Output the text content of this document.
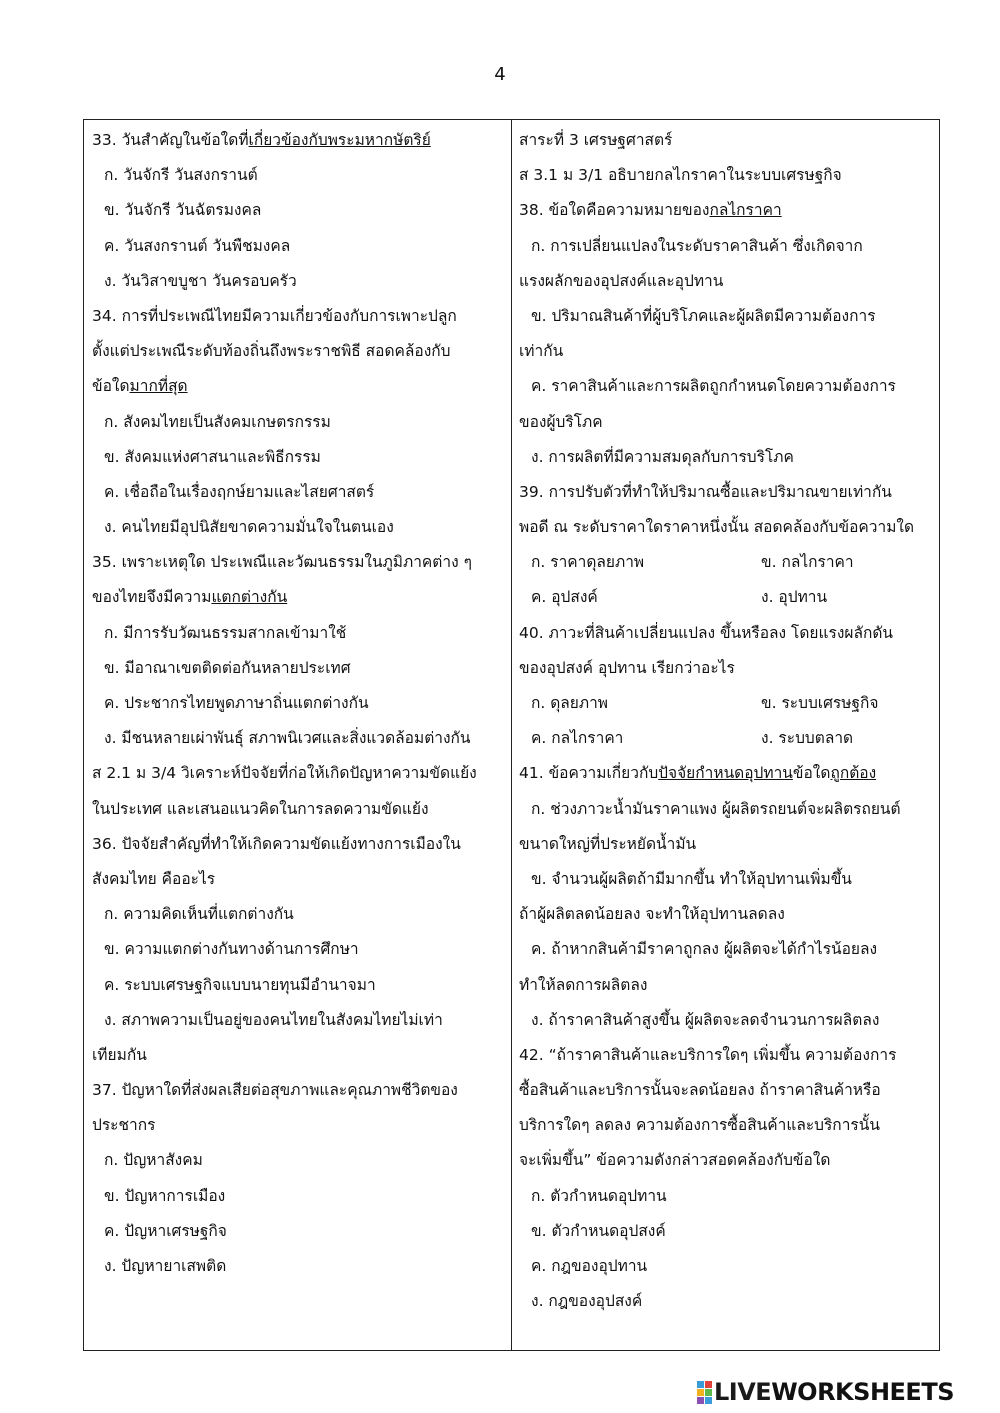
4
33. วันสำคัญในข้อใดที่เกี่ยวข้องกับพระมหากษัตริย์
ก. วันจักรี วันสงกรานต์
ข. วันจักรี วันฉัตรมงคล
ค. วันสงกรานต์ วันพืชมงคล
ง. วันวิสาขบูชา วันครอบครัว
34. การที่ประเพณีไทยมีความเกี่ยวข้องกับการเพาะปลูก
ตั้งแต่ประเพณีระดับท้องถิ่นถึงพระราชพิธี สอดคล้องกับ
ข้อใดมากที่สุด
ก. สังคมไทยเป็นสังคมเกษตรกรรม
ข. สังคมแห่งศาสนาและพิธีกรรม
ค. เชื่อถือในเรื่องฤกษ์ยามและไสยศาสตร์
ง. คนไทยมีอุปนิสัยขาดความมั่นใจในตนเอง
35. เพราะเหตุใด ประเพณีและวัฒนธรรมในภูมิภาคต่าง ๆ
ของไทยจึงมีความแตกต่างกัน
ก. มีการรับวัฒนธรรมสากลเข้ามาใช้
ข. มีอาณาเขตติดต่อกันหลายประเทศ
ค. ประชากรไทยพูดภาษาถิ่นแตกต่างกัน
ง. มีชนหลายเผ่าพันธุ์ สภาพนิเวศและสิ่งแวดล้อมต่างกัน
ส 2.1 ม 3/4 วิเคราะห์ปัจจัยที่ก่อให้เกิดปัญหาความขัดแย้ง
ในประเทศ และเสนอแนวคิดในการลดความขัดแย้ง
36. ปัจจัยสำคัญที่ทำให้เกิดความขัดแย้งทางการเมืองใน
สังคมไทย คืออะไร
ก. ความคิดเห็นที่แตกต่างกัน
ข. ความแตกต่างกันทางด้านการศึกษา
ค. ระบบเศรษฐกิจแบบนายทุนมีอำนาจมา
ง. สภาพความเป็นอยู่ของคนไทยในสังคมไทยไม่เท่า
เทียมกัน
37. ปัญหาใดที่ส่งผลเสียต่อสุขภาพและคุณภาพชีวิตของ
ประชากร
ก. ปัญหาสังคม
ข. ปัญหาการเมือง
ค. ปัญหาเศรษฐกิจ
ง. ปัญหายาเสพติด
สาระที่ 3 เศรษฐศาสตร์
ส 3.1 ม 3/1 อธิบายกลไกราคาในระบบเศรษฐกิจ
38. ข้อใดคือความหมายของกลไกราคา
ก. การเปลี่ยนแปลงในระดับราคาสินค้า ซึ่งเกิดจาก
แรงผลักของอุปสงค์และอุปทาน
ข. ปริมาณสินค้าที่ผู้บริโภคและผู้ผลิตมีความต้องการ
เท่ากัน
ค. ราคาสินค้าและการผลิตถูกกำหนดโดยความต้องการ
ของผู้บริโภค
ง. การผลิตที่มีความสมดุลกับการบริโภค
39. การปรับตัวที่ทำให้ปริมาณซื้อและปริมาณขายเท่ากัน
พอดี ณ ระดับราคาใดราคาหนึ่งนั้น สอดคล้องกับข้อความใด
ก. ราคาดุลยภาพ	ข. กลไกราคา
ค. อุปสงค์	ง. อุปทาน
40. ภาวะที่สินค้าเปลี่ยนแปลง ขึ้นหรือลง โดยแรงผลักดัน
ของอุปสงค์ อุปทาน เรียกว่าอะไร
ก. ดุลยภาพ	ข. ระบบเศรษฐกิจ
ค. กลไกราคา	ง. ระบบตลาด
41. ข้อความเกี่ยวกับปัจจัยกำหนดอุปทานข้อใดถูกต้อง
ก. ช่วงภาวะน้ำมันราคาแพง ผู้ผลิตรถยนต์จะผลิตรถยนต์
ขนาดใหญ่ที่ประหยัดน้ำมัน
ข. จำนวนผู้ผลิตถ้ามีมากขึ้น ทำให้อุปทานเพิ่มขึ้น
ถ้าผู้ผลิตลดน้อยลง จะทำให้อุปทานลดลง
ค. ถ้าหากสินค้ามีราคาถูกลง ผู้ผลิตจะได้กำไรน้อยลง
ทำให้ลดการผลิตลง
ง. ถ้าราคาสินค้าสูงขึ้น ผู้ผลิตจะลดจำนวนการผลิตลง
42. “ถ้าราคาสินค้าและบริการใดๆ เพิ่มขึ้น ความต้องการ
ซื้อสินค้าและบริการนั้นจะลดน้อยลง ถ้าราคาสินค้าหรือ
บริการใดๆ ลดลง ความต้องการซื้อสินค้าและบริการนั้น
จะเพิ่มขึ้น” ข้อความดังกล่าวสอดคล้องกับข้อใด
ก. ตัวกำหนดอุปทาน
ข. ตัวกำหนดอุปสงค์
ค. กฎของอุปทาน
ง. กฎของอุปสงค์
LIVEWORKSHEETS
